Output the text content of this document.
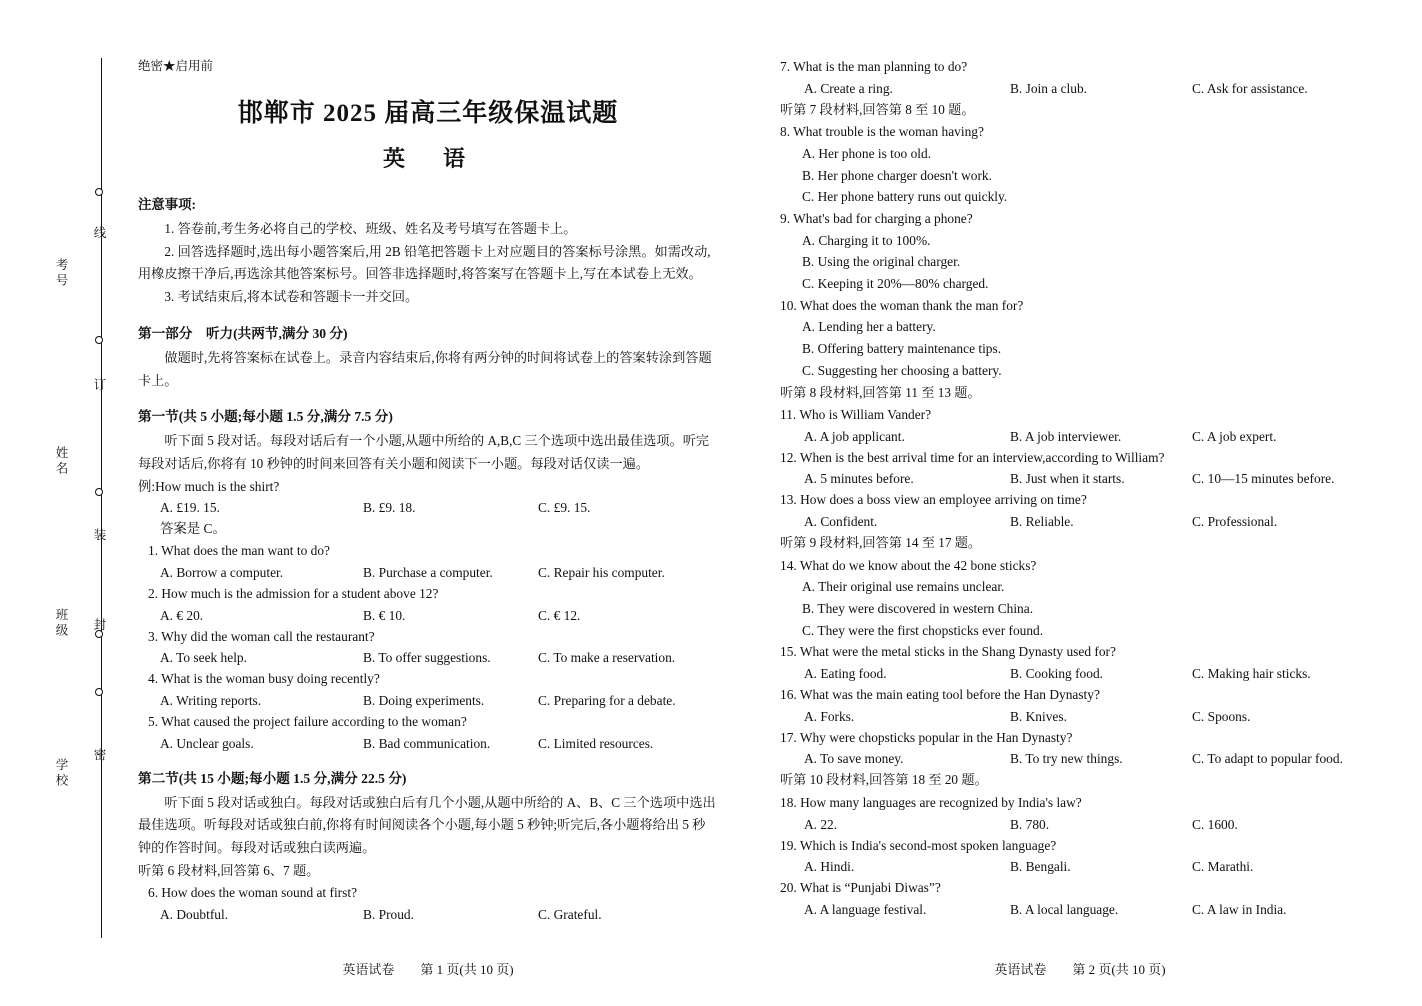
线
订
装
封
密
考号
姓名
班级
学校
绝密★启用前
邯郸市 2025 届高三年级保温试题
英　语
注意事项:

1. 答卷前,考生务必将自己的学校、班级、姓名及考号填写在答题卡上。

2. 回答选择题时,选出每小题答案后,用 2B 铅笔把答题卡上对应题目的答案标号涂黑。如需改动,用橡皮擦干净后,再选涂其他答案标号。回答非选择题时,将答案写在答题卡上,写在本试卷上无效。

3. 考试结束后,将本试卷和答题卡一并交回。

第一部分　听力(共两节,满分 30 分)

做题时,先将答案标在试卷上。录音内容结束后,你将有两分钟的时间将试卷上的答案转涂到答题卡上。

第一节(共 5 小题;每小题 1.5 分,满分 7.5 分)

听下面 5 段对话。每段对话后有一个小题,从题中所给的 A,B,C 三个选项中选出最佳选项。听完每段对话后,你将有 10 秒钟的时间来回答有关小题和阅读下一小题。每段对话仅读一遍。

例:How much is the shirt?

A. £19. 15.	B. £9. 18.	C. £9. 15.

答案是 C。

1. What does the man want to do?

A. Borrow a computer.	B. Purchase a computer.	C. Repair his computer.

2. How much is the admission for a student above 12?

A. € 20.	B. € 10.	C. € 12.

3. Why did the woman call the restaurant?

A. To seek help.	B. To offer suggestions.	C. To make a reservation.

4. What is the woman busy doing recently?

A. Writing reports.	B. Doing experiments.	C. Preparing for a debate.

5. What caused the project failure according to the woman?

A. Unclear goals.	B. Bad communication.	C. Limited resources.
第二节(共 15 小题;每小题 1.5 分,满分 22.5 分)

听下面 5 段对话或独白。每段对话或独白后有几个小题,从题中所给的 A、B、C 三个选项中选出最佳选项。听每段对话或独白前,你将有时间阅读各个小题,每小题 5 秒钟;听完后,各小题将给出 5 秒钟的作答时间。每段对话或独白读两遍。

听第 6 段材料,回答第 6、7 题。

6. How does the woman sound at first?

A. Doubtful.	B. Proud.	C. Grateful.

7. What is the man planning to do?

A. Create a ring.	B. Join a club.	C. Ask for assistance.

听第 7 段材料,回答第 8 至 10 题。

8. What trouble is the woman having?

A. Her phone is too old.

B. Her phone charger doesn't work.

C. Her phone battery runs out quickly.

9. What's bad for charging a phone?

A. Charging it to 100%.

B. Using the original charger.

C. Keeping it 20%—80% charged.

10. What does the woman thank the man for?

A. Lending her a battery.

B. Offering battery maintenance tips.

C. Suggesting her choosing a battery.

听第 8 段材料,回答第 11 至 13 题。

11. Who is William Vander?

A. A job applicant.	B. A job interviewer.	C. A job expert.

12. When is the best arrival time for an interview,according to William?

A. 5 minutes before.	B. Just when it starts.	C. 10—15 minutes before.

13. How does a boss view an employee arriving on time?

A. Confident.	B. Reliable.	C. Professional.

听第 9 段材料,回答第 14 至 17 题。

14. What do we know about the 42 bone sticks?

A. Their original use remains unclear.

B. They were discovered in western China.

C. They were the first chopsticks ever found.

15. What were the metal sticks in the Shang Dynasty used for?

A. Eating food.	B. Cooking food.	C. Making hair sticks.

16. What was the main eating tool before the Han Dynasty?

A. Forks.	B. Knives.	C. Spoons.

17. Why were chopsticks popular in the Han Dynasty?

A. To save money.	B. To try new things.	C. To adapt to popular food.

听第 10 段材料,回答第 18 至 20 题。

18. How many languages are recognized by India's law?

A. 22.	B. 780.	C. 1600.

19. Which is India's second-most spoken language?

A. Hindi.	B. Bengali.	C. Marathi.

20. What is “Punjabi Diwas”?

A. A language festival.	B. A local language.	C. A law in India.
英语试卷　　第 1 页(共 10 页)	英语试卷　　第 2 页(共 10 页)
